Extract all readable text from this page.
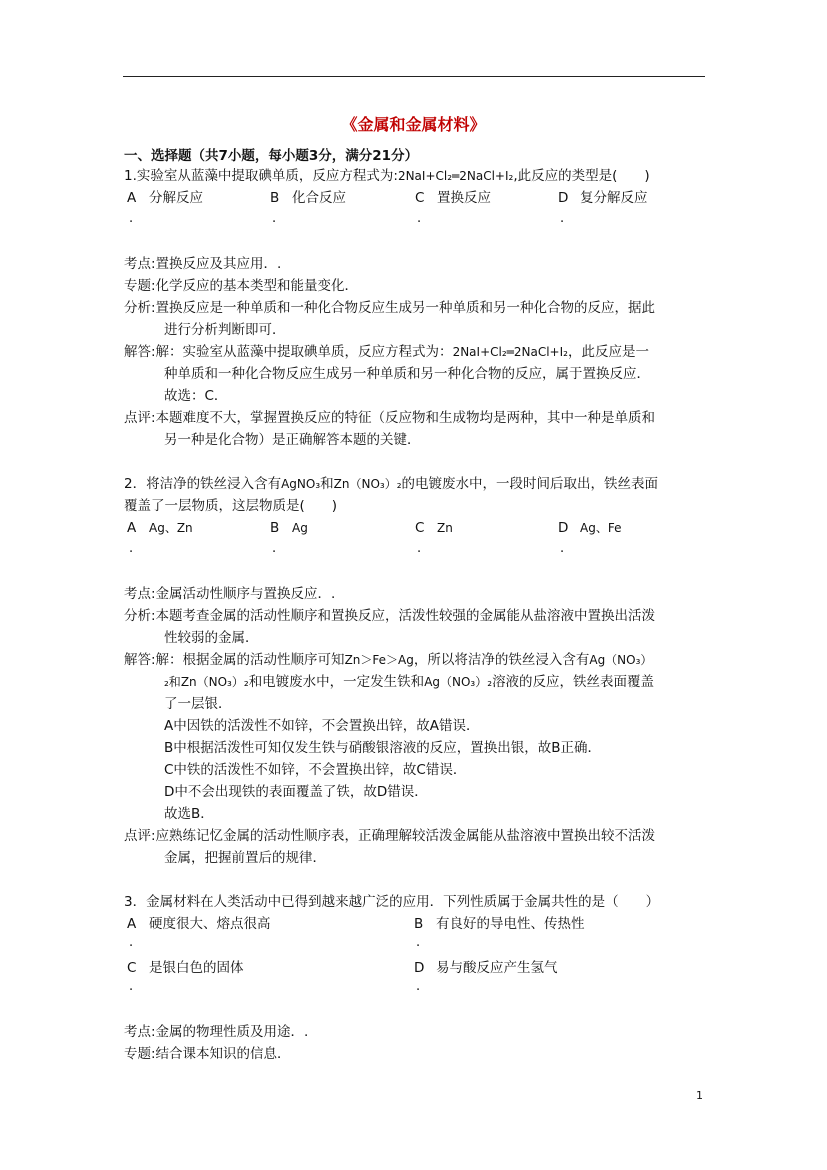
《金属和金属材料》
一、选择题（共7小题，每小题3分，满分21分）
1.实验室从蓝藻中提取碘单质，反应方程式为:2NaI+Cl₂═2NaCl+I₂,此反应的类型是(　　)
A 分解反应	B 化合反应	C 置换反应	D 复分解反应
.	.	.	.
考点:置换反应及其应用．.
专题:化学反应的基本类型和能量变化．
分析:置换反应是一种单质和一种化合物反应生成另一种单质和另一种化合物的反应，据此
进行分析判断即可．
解答:解：实验室从蓝藻中提取碘单质，反应方程式为：2NaI+Cl₂═2NaCl+I₂，此反应是一
种单质和一种化合物反应生成另一种单质和另一种化合物的反应，属于置换反应．
故选：C．
点评:本题难度不大，掌握置换反应的特征（反应物和生成物均是两种，其中一种是单质和
另一种是化合物）是正确解答本题的关键．
2．将洁净的铁丝浸入含有AgNO₃和Zn（NO₃）₂的电镀废水中，一段时间后取出，铁丝表面
覆盖了一层物质，这层物质是(　　)
A Ag、Zn	B Ag	C Zn	D Ag、Fe
.	.	.	.
考点:金属活动性顺序与置换反应．.
分析:本题考查金属的活动性顺序和置换反应，活泼性较强的金属能从盐溶液中置换出活泼
性较弱的金属．
解答:解：根据金属的活动性顺序可知Zn＞Fe＞Ag，所以将洁净的铁丝浸入含有Ag（NO₃）
₂和Zn（NO₃）₂和电镀废水中，一定发生铁和Ag（NO₃）₂溶液的反应，铁丝表面覆盖
了一层银．
A中因铁的活泼性不如锌，不会置换出锌，故A错误．
B中根据活泼性可知仅发生铁与硝酸银溶液的反应，置换出银，故B正确．
C中铁的活泼性不如锌，不会置换出锌，故C错误．
D中不会出现铁的表面覆盖了铁，故D错误．
故选B．
点评:应熟练记忆金属的活动性顺序表，正确理解较活泼金属能从盐溶液中置换出较不活泼
金属，把握前置后的规律．
3．金属材料在人类活动中已得到越来越广泛的应用．下列性质属于金属共性的是（　　）
A 硬度很大、熔点很高	B 有良好的导电性、传热性
.	.
C 是银白色的固体	D 易与酸反应产生氢气
.	.
考点:金属的物理性质及用途．.
专题:结合课本知识的信息．
1
